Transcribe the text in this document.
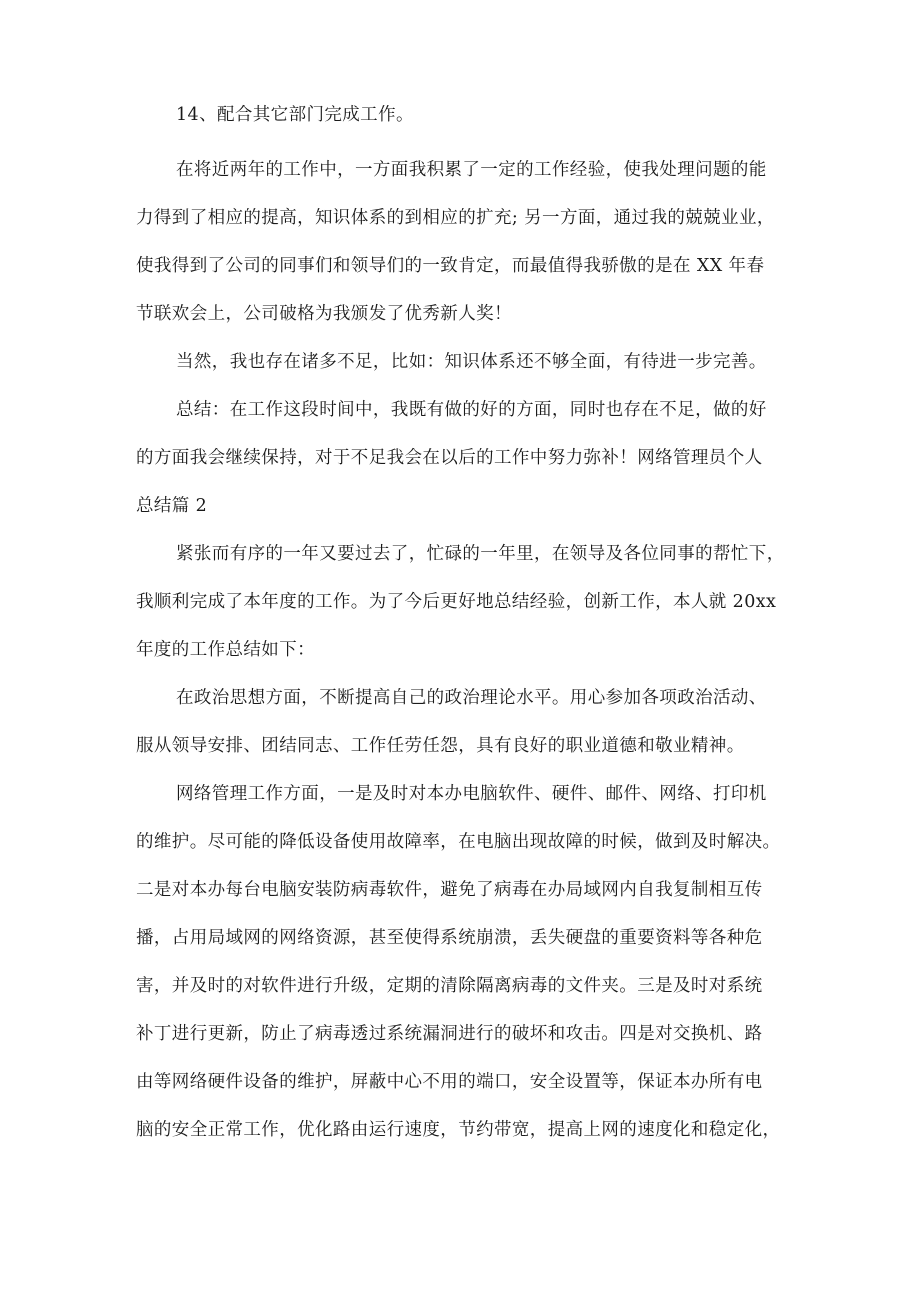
14、配合其它部门完成工作。
在将近两年的工作中，一方面我积累了一定的工作经验，使我处理问题的能
力得到了相应的提高，知识体系的到相应的扩充; 另一方面，通过我的兢兢业业，
使我得到了公司的同事们和领导们的一致肯定，而最值得我骄傲的是在 XX 年春
节联欢会上，公司破格为我颁发了优秀新人奖！
当然，我也存在诸多不足，比如：知识体系还不够全面，有待进一步完善。
总结：在工作这段时间中，我既有做的好的方面，同时也存在不足，做的好
的方面我会继续保持，对于不足我会在以后的工作中努力弥补！网络管理员个人
总结篇 2
紧张而有序的一年又要过去了，忙碌的一年里，在领导及各位同事的帮忙下，
我顺利完成了本年度的工作。为了今后更好地总结经验，创新工作，本人就 20xx
年度的工作总结如下：
在政治思想方面，不断提高自己的政治理论水平。用心参加各项政治活动、
服从领导安排、团结同志、工作任劳任怨，具有良好的职业道德和敬业精神。
网络管理工作方面，一是及时对本办电脑软件、硬件、邮件、网络、打印机
的维护。尽可能的降低设备使用故障率，在电脑出现故障的时候，做到及时解决。
二是对本办每台电脑安装防病毒软件，避免了病毒在办局域网内自我复制相互传
播，占用局域网的网络资源，甚至使得系统崩溃，丢失硬盘的重要资料等各种危
害，并及时的对软件进行升级，定期的清除隔离病毒的文件夹。三是及时对系统
补丁进行更新，防止了病毒透过系统漏洞进行的破坏和攻击。四是对交换机、路
由等网络硬件设备的维护，屏蔽中心不用的端口，安全设置等，保证本办所有电
脑的安全正常工作，优化路由运行速度，节约带宽，提高上网的速度化和稳定化，
